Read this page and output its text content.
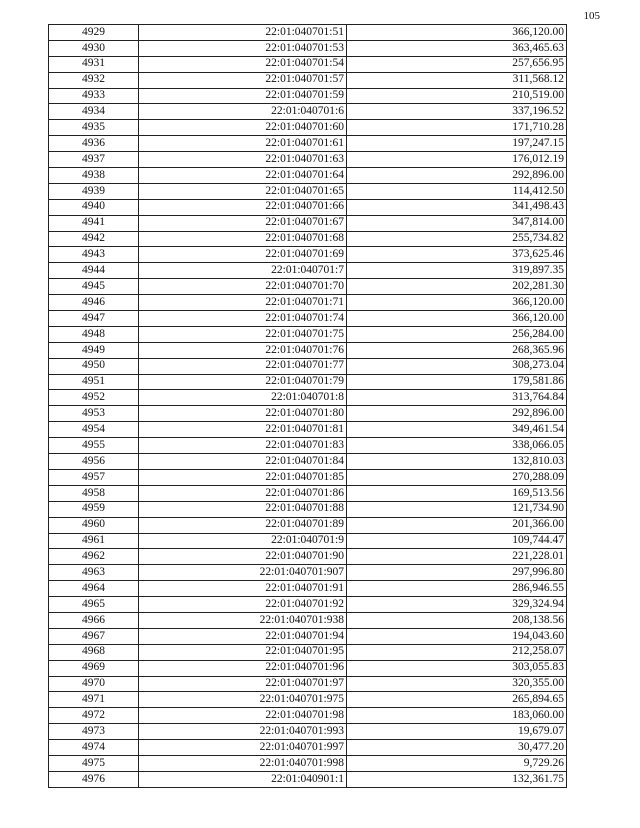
105
4929	22:01:040701:51	366,120.00
4930	22:01:040701:53	363,465.63
4931	22:01:040701:54	257,656.95
4932	22:01:040701:57	311,568.12
4933	22:01:040701:59	210,519.00
4934	22:01:040701:6	337,196.52
4935	22:01:040701:60	171,710.28
4936	22:01:040701:61	197,247.15
4937	22:01:040701:63	176,012.19
4938	22:01:040701:64	292,896.00
4939	22:01:040701:65	114,412.50
4940	22:01:040701:66	341,498.43
4941	22:01:040701:67	347,814.00
4942	22:01:040701:68	255,734.82
4943	22:01:040701:69	373,625.46
4944	22:01:040701:7	319,897.35
4945	22:01:040701:70	202,281.30
4946	22:01:040701:71	366,120.00
4947	22:01:040701:74	366,120.00
4948	22:01:040701:75	256,284.00
4949	22:01:040701:76	268,365.96
4950	22:01:040701:77	308,273.04
4951	22:01:040701:79	179,581.86
4952	22:01:040701:8	313,764.84
4953	22:01:040701:80	292,896.00
4954	22:01:040701:81	349,461.54
4955	22:01:040701:83	338,066.05
4956	22:01:040701:84	132,810.03
4957	22:01:040701:85	270,288.09
4958	22:01:040701:86	169,513.56
4959	22:01:040701:88	121,734.90
4960	22:01:040701:89	201,366.00
4961	22:01:040701:9	109,744.47
4962	22:01:040701:90	221,228.01
4963	22:01:040701:907	297,996.80
4964	22:01:040701:91	286,946.55
4965	22:01:040701:92	329,324.94
4966	22:01:040701:938	208,138.56
4967	22:01:040701:94	194,043.60
4968	22:01:040701:95	212,258.07
4969	22:01:040701:96	303,055.83
4970	22:01:040701:97	320,355.00
4971	22:01:040701:975	265,894.65
4972	22:01:040701:98	183,060.00
4973	22:01:040701:993	19,679.07
4974	22:01:040701:997	30,477.20
4975	22:01:040701:998	9,729.26
4976	22:01:040901:1	132,361.75
